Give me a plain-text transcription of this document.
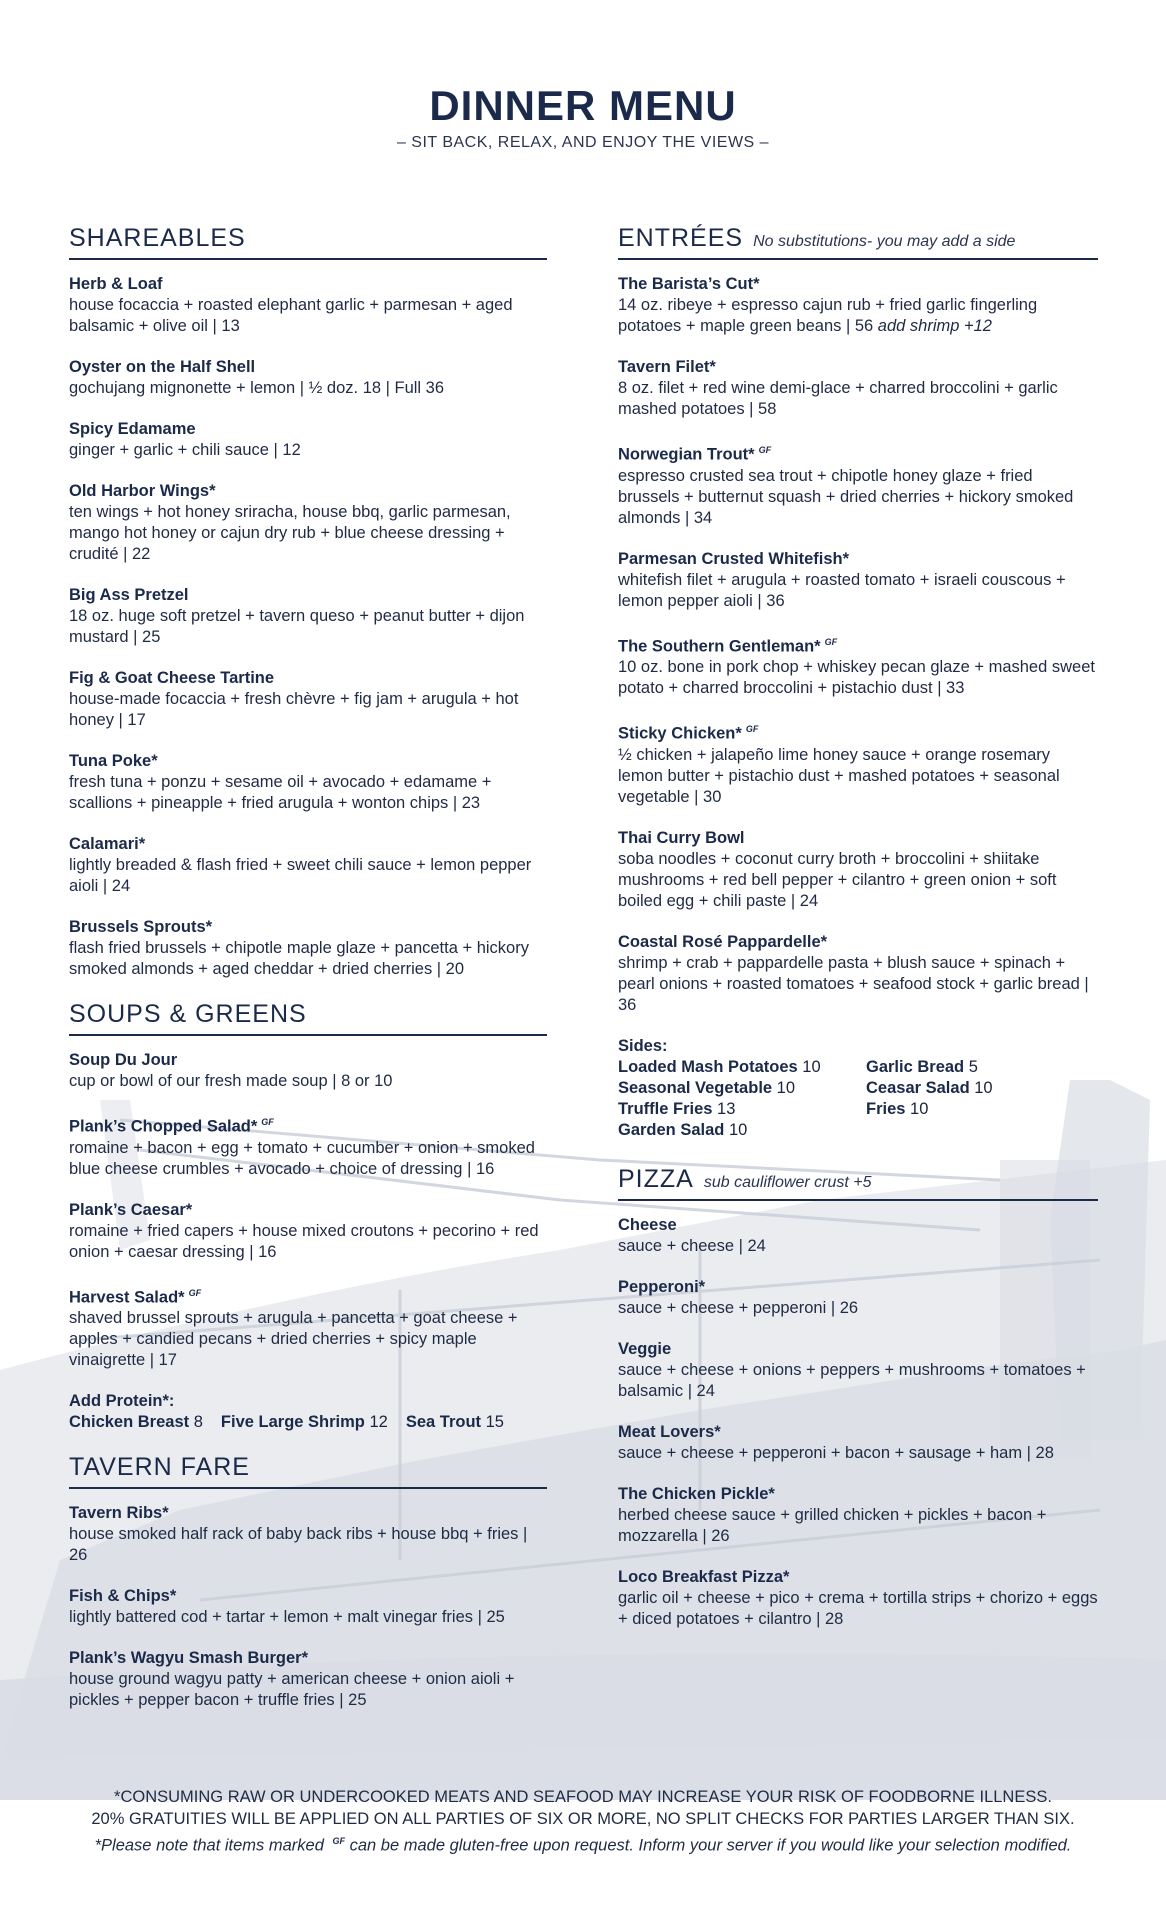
DINNER MENU
– SIT BACK, RELAX, AND ENJOY THE VIEWS –
SHAREABLES
Herb & Loaf
house focaccia + roasted elephant garlic + parmesan + aged balsamic + olive oil | 13
Oyster on the Half Shell
gochujang mignonette + lemon | ½ doz. 18 | Full 36
Spicy Edamame
ginger + garlic + chili sauce | 12
Old Harbor Wings*
ten wings + hot honey sriracha, house bbq, garlic parmesan, mango hot honey or cajun dry rub + blue cheese dressing + crudité | 22
Big Ass Pretzel
18 oz. huge soft pretzel + tavern queso + peanut butter + dijon mustard | 25
Fig & Goat Cheese Tartine
house-made focaccia + fresh chèvre + fig jam + arugula + hot honey | 17
Tuna Poke*
fresh tuna + ponzu + sesame oil + avocado + edamame + scallions + pineapple + fried arugula + wonton chips | 23
Calamari*
lightly breaded & flash fried + sweet chili sauce + lemon pepper aioli | 24
Brussels Sprouts*
flash fried brussels + chipotle maple glaze + pancetta + hickory smoked almonds + aged cheddar + dried cherries | 20
SOUPS & GREENS
Soup Du Jour
cup or bowl of our fresh made soup | 8 or 10
Plank’s Chopped Salad* $^{GF}$
romaine + bacon + egg + tomato + cucumber + onion + smoked blue cheese crumbles + avocado + choice of dressing | 16
Plank’s Caesar*
romaine + fried capers + house mixed croutons + pecorino + red onion + caesar dressing | 16
Harvest Salad* $^{GF}$
shaved brussel sprouts + arugula + pancetta + goat cheese + apples + candied pecans + dried cherries + spicy maple vinaigrette | 17
Add Protein*:
Chicken Breast 8 Five Large Shrimp 12 Sea Trout 15
TAVERN FARE
Tavern Ribs*
house smoked half rack of baby back ribs + house bbq + fries | 26
Fish & Chips*
lightly battered cod + tartar + lemon + malt vinegar fries | 25
Plank’s Wagyu Smash Burger*
house ground wagyu patty + american cheese + onion aioli + pickles + pepper bacon + truffle fries | 25
ENTRÉES No substitutions- you may add a side
The Barista’s Cut*
14 oz. ribeye + espresso cajun rub + fried garlic fingerling potatoes + maple green beans | 56 add shrimp +12
Tavern Filet*
8 oz. filet + red wine demi-glace + charred broccolini + garlic mashed potatoes | 58
Norwegian Trout* $^{GF}$
espresso crusted sea trout + chipotle honey glaze + fried brussels + butternut squash + dried cherries + hickory smoked almonds | 34
Parmesan Crusted Whitefish*
whitefish filet + arugula + roasted tomato + israeli couscous + lemon pepper aioli | 36
The Southern Gentleman* $^{GF}$
10 oz. bone in pork chop + whiskey pecan glaze + mashed sweet potato + charred broccolini + pistachio dust | 33
Sticky Chicken* $^{GF}$
½ chicken + jalapeño lime honey sauce + orange rosemary lemon butter + pistachio dust + mashed potatoes + seasonal vegetable | 30
Thai Curry Bowl
soba noodles + coconut curry broth + broccolini + shiitake mushrooms + red bell pepper + cilantro + green onion + soft boiled egg + chili paste | 24
Coastal Rosé Pappardelle*
shrimp + crab + pappardelle pasta + blush sauce + spinach + pearl onions + roasted tomatoes + seafood stock + garlic bread | 36
Sides:
Loaded Mash Potatoes 10	Garlic Bread 5
Seasonal Vegetable 10	Ceasar Salad 10
Truffle Fries 13	Fries 10
Garden Salad 10
PIZZA sub cauliflower crust +5
Cheese
sauce + cheese | 24
Pepperoni*
sauce + cheese + pepperoni | 26
Veggie
sauce + cheese + onions + peppers + mushrooms + tomatoes + balsamic | 24
Meat Lovers*
sauce + cheese + pepperoni + bacon + sausage + ham | 28
The Chicken Pickle*
herbed cheese sauce + grilled chicken + pickles + bacon + mozzarella | 26
Loco Breakfast Pizza*
garlic oil + cheese + pico + crema + tortilla strips + chorizo + eggs + diced potatoes + cilantro | 28
*CONSUMING RAW OR UNDERCOOKED MEATS AND SEAFOOD MAY INCREASE YOUR RISK OF FOODBORNE ILLNESS.
20% GRATUITIES WILL BE APPLIED ON ALL PARTIES OF SIX OR MORE, NO SPLIT CHECKS FOR PARTIES LARGER THAN SIX.
*Please note that items marked $^{GF}$ can be made gluten-free upon request. Inform your server if you would like your selection modified.
